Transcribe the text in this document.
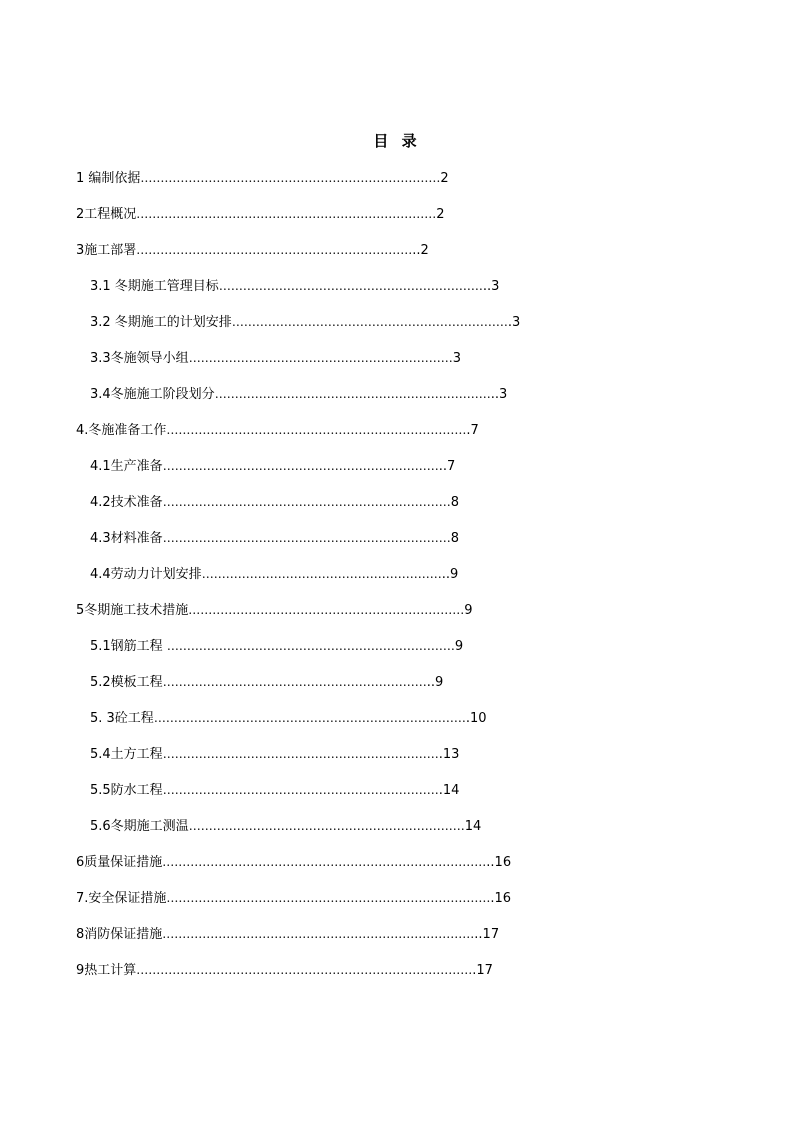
目 录
1 编制依据…………………………………………………………………2
2工程概况…………………………………………………………………2
3施工部署……………………………………………………………..2
3.1 冬期施工管理目标…………………………………………………………..3
3.2 冬期施工的计划安排…………………………………………………………….3
3.3冬施领导小组…………………………………………………………3
3.4冬施施工阶段划分……………………………………………………………..3
4.冬施准备工作………………………………………………………………….7
4.1生产准备……………………………………………………………..7
4.2技术准备………………………………………………………………8
4.3材料准备………………………………………………………………8
4.4劳动力计划安排……………………………………………………..9
5冬期施工技术措施……………………………………………………………9
5.1钢筋工程 ………………………………………………………………9
5.2模板工程…………………………………………………………..9
5. 3砼工程…………………………………………………………………….10
5.4土方工程…………………………………………………………….13
5.5防水工程…………………………………………………………….14
5.6冬期施工测温……………………………………………………………14
6质量保证措施………………………………………………………………………..16
7.安全保证措施……………………………………………………………………….16
8消防保证措施……………………………………………………………………..17
9热工计算………………………………………………………………………….17
